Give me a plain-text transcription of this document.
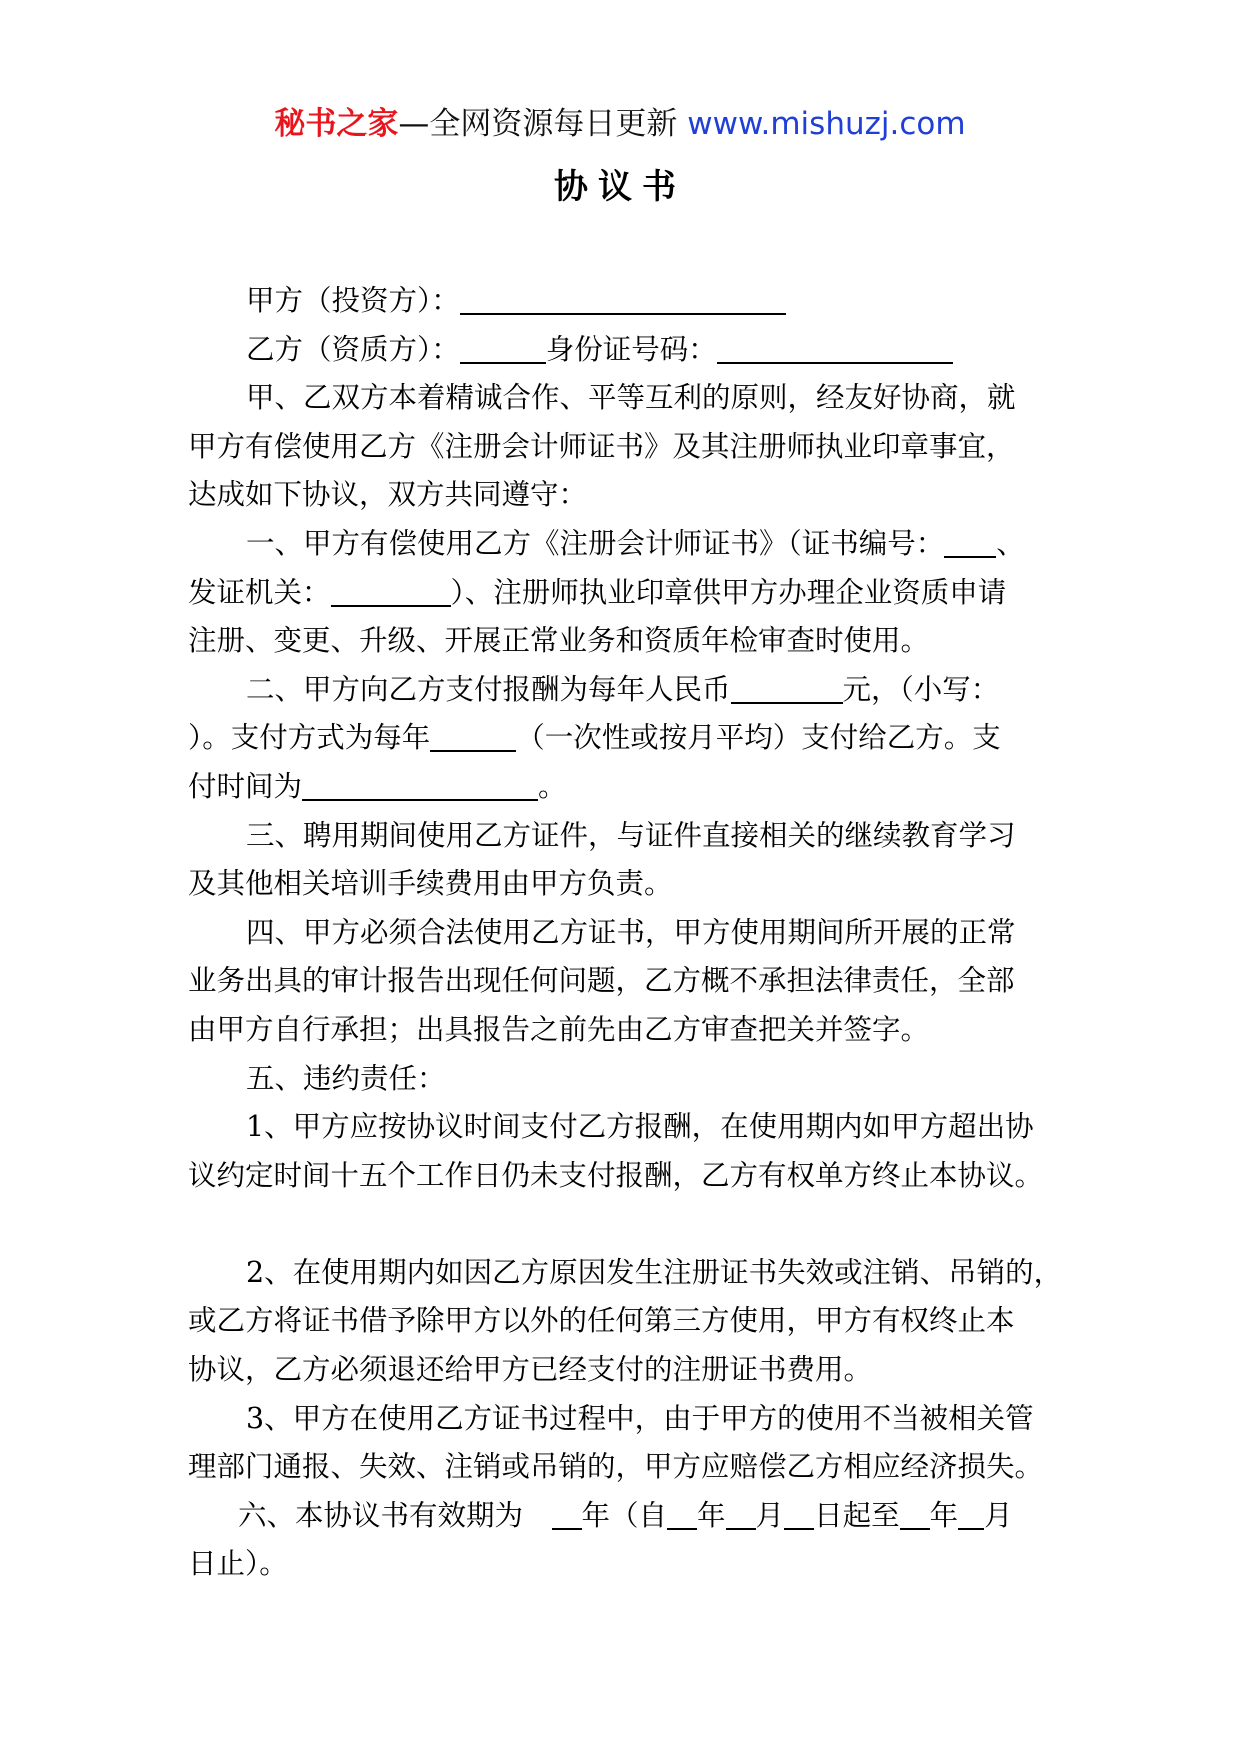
秘书之家—全网资源每日更新 www.mishuzj.com
协议书

甲方（投资方）：

乙方（资质方）：	身份证号码：

甲、乙双方本着精诚合作、平等互利的原则，经友好协商，就
甲方有偿使用乙方《注册会计师证书》及其注册师执业印章事宜，
达成如下协议，双方共同遵守：

一、甲方有偿使用乙方《注册会计师证书》（证书编号： 、
发证机关：	）、注册师执业印章供甲方办理企业资质申请
注册、变更、升级、开展正常业务和资质年检审查时使用。

二、甲方向乙方支付报酬为每年人民币	元，（小写：
）。支付方式为每年	（一次性或按月平均）支付给乙方。支
付时间为	。

三、聘用期间使用乙方证件，与证件直接相关的继续教育学习
及其他相关培训手续费用由甲方负责。

四、甲方必须合法使用乙方证书，甲方使用期间所开展的正常
业务出具的审计报告出现任何问题，乙方概不承担法律责任，全部
由甲方自行承担；出具报告之前先由乙方审查把关并签字。

五、违约责任：

1、甲方应按协议时间支付乙方报酬，在使用期内如甲方超出协
议约定时间十五个工作日仍未支付报酬，乙方有权单方终止本协议。

2、在使用期内如因乙方原因发生注册证书失效或注销、吊销的，
或乙方将证书借予除甲方以外的任何第三方使用，甲方有权终止本
协议，乙方必须退还给甲方已经支付的注册证书费用。

3、甲方在使用乙方证书过程中，由于甲方的使用不当被相关管
理部门通报、失效、注销或吊销的，甲方应赔偿乙方相应经济损失。

六、本协议书有效期为　年（自 年 月 日起至 年 月
日止）。
